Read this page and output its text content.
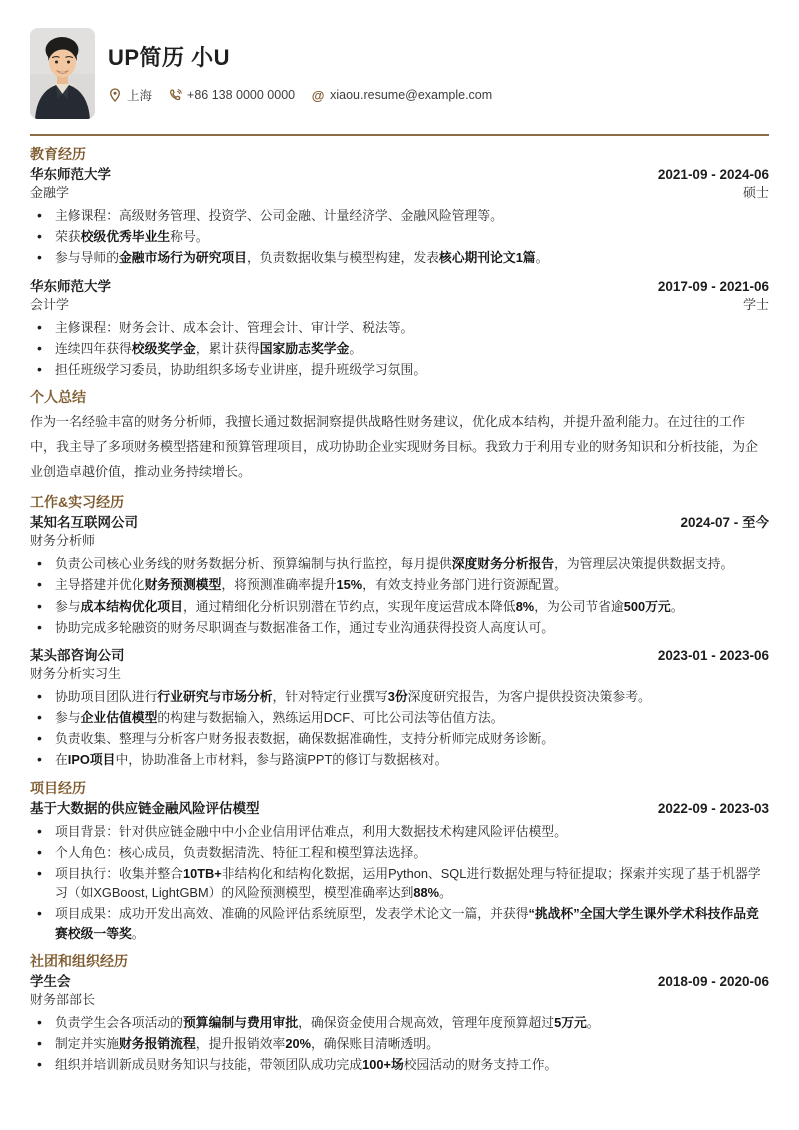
UP简历 小U
上海	+86 138 0000 0000 @ xiaou.resume@example.com
教育经历
华东师范大学	2021-09 - 2024-06
金融学	硕士
• 主修课程：高级财务管理、投资学、公司金融、计量经济学、金融风险管理等。
• 荣获校级优秀毕业生称号。
• 参与导师的金融市场行为研究项目，负责数据收集与模型构建，发表核心期刊论文1篇。
华东师范大学	2017-09 - 2021-06
会计学	学士
• 主修课程：财务会计、成本会计、管理会计、审计学、税法等。
• 连续四年获得校级奖学金，累计获得国家励志奖学金。
• 担任班级学习委员，协助组织多场专业讲座，提升班级学习氛围。
个人总结

作为一名经验丰富的财务分析师，我擅长通过数据洞察提供战略性财务建议，优化成本结构，并提升盈利能力。在过往的工作中，我主导了多项财务模型搭建和预算管理项目，成功协助企业实现财务目标。我致力于利用专业的财务知识和分析技能，为企业创造卓越价值，推动业务持续增长。

工作&实习经历
某知名互联网公司	2024-07 - 至今
财务分析师
• 负责公司核心业务线的财务数据分析、预算编制与执行监控，每月提供深度财务分析报告，为管理层决策提供数据支持。
• 主导搭建并优化财务预测模型，将预测准确率提升15%，有效支持业务部门进行资源配置。
• 参与成本结构优化项目，通过精细化分析识别潜在节约点，实现年度运营成本降低8%，为公司节省逾500万元。
• 协助完成多轮融资的财务尽职调查与数据准备工作，通过专业沟通获得投资人高度认可。
某头部咨询公司	2023-01 - 2023-06
财务分析实习生
• 协助项目团队进行行业研究与市场分析，针对特定行业撰写3份深度研究报告，为客户提供投资决策参考。
• 参与企业估值模型的构建与数据输入，熟练运用DCF、可比公司法等估值方法。
• 负责收集、整理与分析客户财务报表数据，确保数据准确性，支持分析师完成财务诊断。
• 在IPO项目中，协助准备上市材料，参与路演PPT的修订与数据核对。
项目经历
基于大数据的供应链金融风险评估模型	2022-09 - 2023-03
• 项目背景：针对供应链金融中中小企业信用评估难点，利用大数据技术构建风险评估模型。
• 个人角色：核心成员，负责数据清洗、特征工程和模型算法选择。
• 项目执行：收集并整合10TB+非结构化和结构化数据，运用Python、SQL进行数据处理与特征提取；探索并实现了基于机器学习（如XGBoost, LightGBM）的风险预测模型，模型准确率达到88%。
• 项目成果：成功开发出高效、准确的风险评估系统原型，发表学术论文一篇，并获得“挑战杯”全国大学生课外学术科技作品竞赛校级一等奖。
社团和组织经历
学生会	2018-09 - 2020-06
财务部部长
• 负责学生会各项活动的预算编制与费用审批，确保资金使用合规高效，管理年度预算超过5万元。
• 制定并实施财务报销流程，提升报销效率20%，确保账目清晰透明。
• 组织并培训新成员财务知识与技能，带领团队成功完成100+场校园活动的财务支持工作。
